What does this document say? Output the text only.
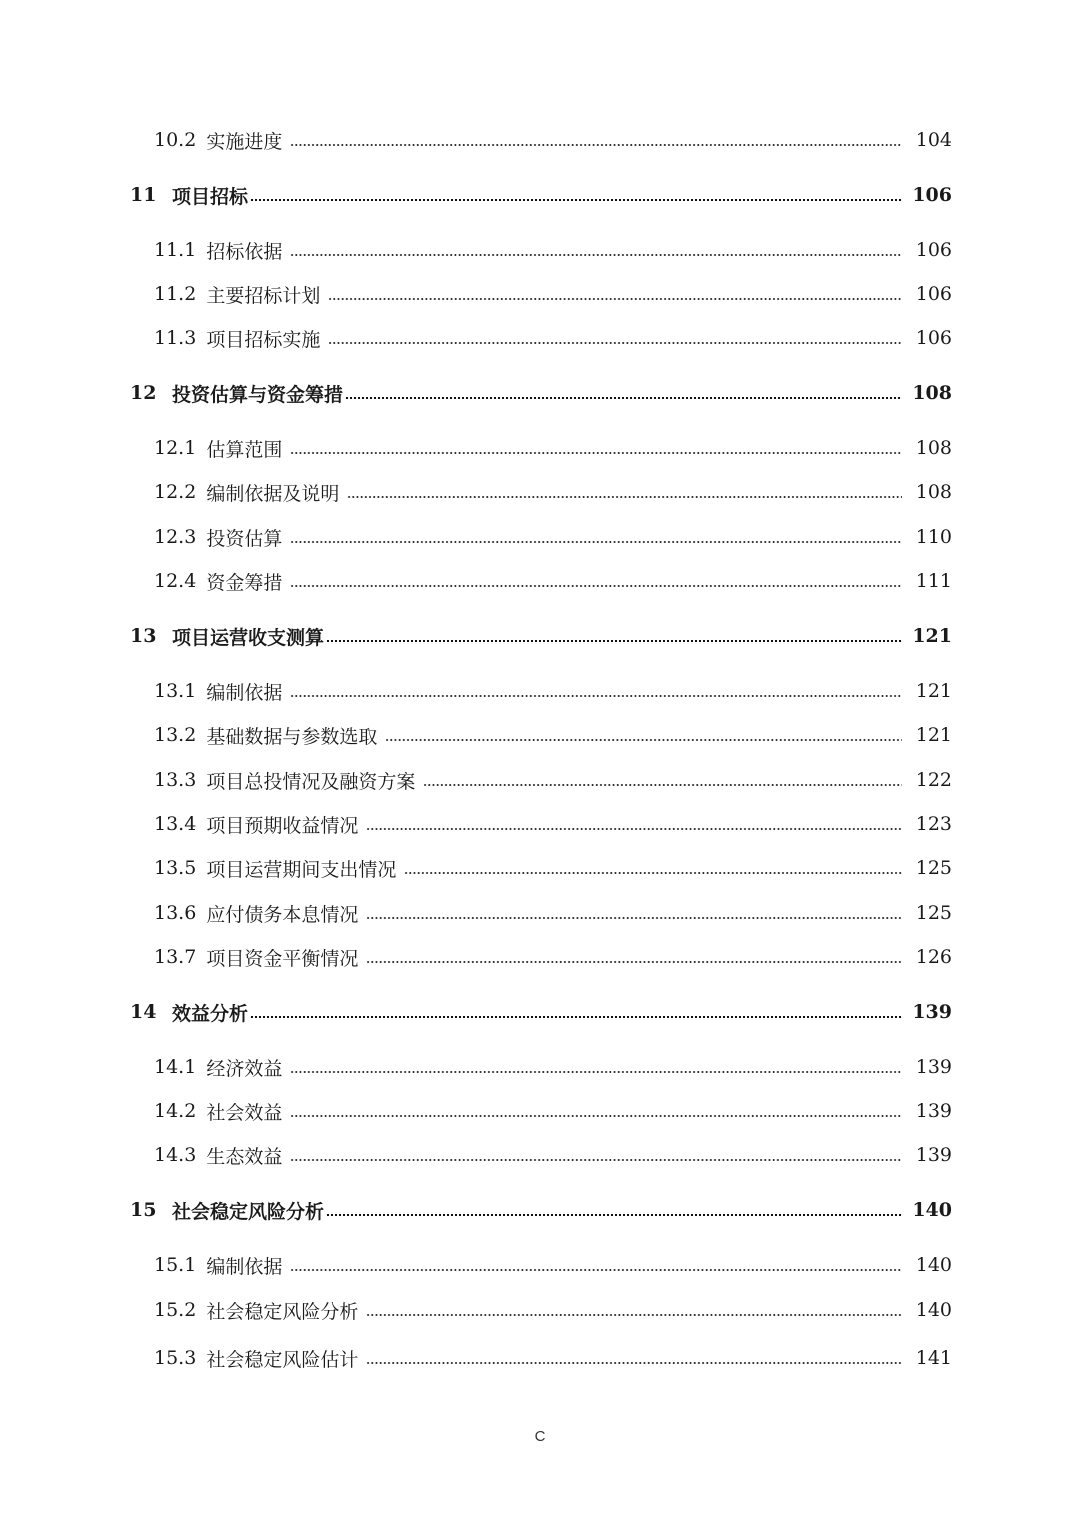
10.2 实施进度	104
11 项目招标	106
11.1 招标依据	106
11.2 主要招标计划	106
11.3 项目招标实施	106
12 投资估算与资金筹措	108
12.1 估算范围	108
12.2 编制依据及说明	108
12.3 投资估算	110
12.4 资金筹措	111
13 项目运营收支测算	121
13.1 编制依据	121
13.2 基础数据与参数选取	121
13.3 项目总投情况及融资方案	122
13.4 项目预期收益情况	123
13.5 项目运营期间支出情况	125
13.6 应付债务本息情况	125
13.7 项目资金平衡情况	126
14 效益分析	139
14.1 经济效益	139
14.2 社会效益	139
14.3 生态效益	139
15 社会稳定风险分析	140
15.1 编制依据	140
15.2 社会稳定风险分析	140
15.3 社会稳定风险估计	141
C
